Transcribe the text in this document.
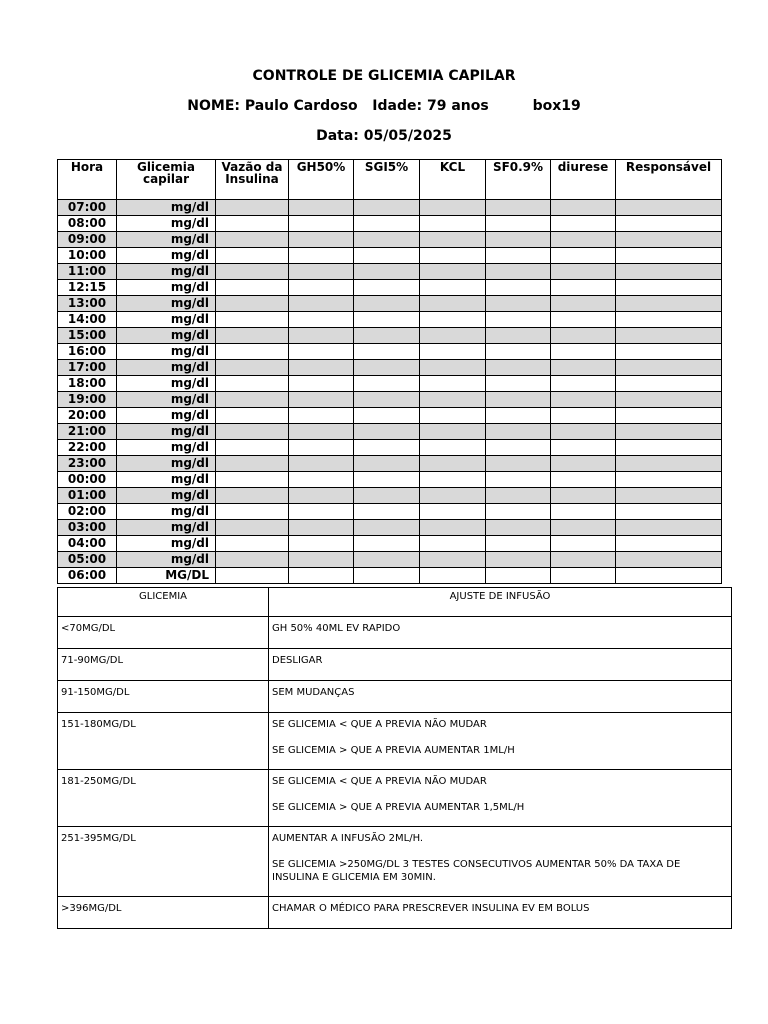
CONTROLE DE GLICEMIA CAPILAR
NOME: Paulo Cardoso Idade: 79 anos	box19
Data: 05/05/2025
Hora	Glicemia capilar	Vazão da Insulina	GH50%	SGI5%	KCL	SF0.9%	diurese	Responsável
07:00	mg/dl							
08:00	mg/dl							
09:00	mg/dl							
10:00	mg/dl							
11:00	mg/dl							
12:15	mg/dl							
13:00	mg/dl							
14:00	mg/dl							
15:00	mg/dl							
16:00	mg/dl							
17:00	mg/dl							
18:00	mg/dl							
19:00	mg/dl							
20:00	mg/dl							
21:00	mg/dl							
22:00	mg/dl							
23:00	mg/dl							
00:00	mg/dl							
01:00	mg/dl							
02:00	mg/dl							
03:00	mg/dl							
04:00	mg/dl							
05:00	mg/dl							
06:00	MG/DL							
GLICEMIA	AJUSTE DE INFUSÃO
<70MG/DL	GH 50% 40ML EV RAPIDO

71-90MG/DL	DESLIGAR

91-150MG/DL	SEM MUDANÇAS

151-180MG/DL	SE GLICEMIA < QUE A PREVIA NÃO MUDAR

SE GLICEMIA > QUE A PREVIA AUMENTAR 1ML/H

181-250MG/DL	SE GLICEMIA < QUE A PREVIA NÃO MUDAR

SE GLICEMIA > QUE A PREVIA AUMENTAR 1,5ML/H

251-395MG/DL	AUMENTAR A INFUSÃO 2ML/H.

SE GLICEMIA >250MG/DL 3 TESTES CONSECUTIVOS AUMENTAR 50% DA TAXA DE INSULINA E GLICEMIA EM 30MIN.

>396MG/DL	CHAMAR O MÉDICO PARA PRESCREVER INSULINA EV EM BOLUS
